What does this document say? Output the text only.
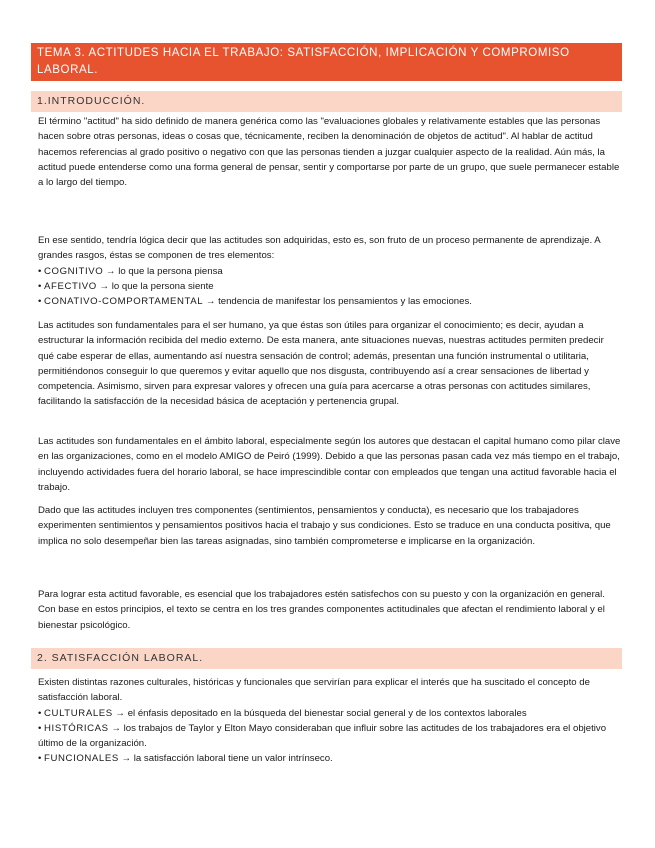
TEMA 3. ACTITUDES HACIA EL TRABAJO: SATISFACCIÓN, IMPLICACIÓN Y COMPROMISO LABORAL.
1.INTRODUCCIÓN.
El término "actitud" ha sido definido de manera genérica como las "evaluaciones globales y relativamente estables que las personas hacen sobre otras personas, ideas o cosas que, técnicamente, reciben la denominación de objetos de actitud". Al hablar de actitud hacemos referencias al grado positivo o negativo con que las personas tienden a juzgar cualquier aspecto de la realidad. Aún más, la actitud puede entenderse como una forma general de pensar, sentir y comportarse por parte de un grupo, que suele permanecer estable a lo largo del tiempo.

En ese sentido, tendría lógica decir que las actitudes son adquiridas, esto es, son fruto de un proceso permanente de aprendizaje. A grandes rasgos, éstas se componen de tres elementos:

• COGNITIVO → lo que la persona piensa

• AFECTIVO → lo que la persona siente

• CONATIVO-COMPORTAMENTAL → tendencia de manifestar los pensamientos y las emociones.

Las actitudes son fundamentales para el ser humano, ya que éstas son útiles para organizar el conocimiento; es decir, ayudan a estructurar la información recibida del medio externo. De esta manera, ante situaciones nuevas, nuestras actitudes permiten predecir qué cabe esperar de ellas, aumentando así nuestra sensación de control; además, presentan una función instrumental o utilitaria, permitiéndonos conseguir lo que queremos y evitar aquello que nos disgusta, contribuyendo así a crear sensaciones de libertad y competencia. Asimismo, sirven para expresar valores y ofrecen una guía para acercarse a otras personas con actitudes similares, facilitando la satisfacción de la necesidad básica de aceptación y pertenencia grupal.
Las actitudes son fundamentales en el ámbito laboral, especialmente según los autores que destacan el capital humano como pilar clave en las organizaciones, como en el modelo AMIGO de Peiró (1999). Debido a que las personas pasan cada vez más tiempo en el trabajo, incluyendo actividades fuera del horario laboral, se hace imprescindible contar con empleados que tengan una actitud favorable hacia el trabajo.
Dado que las actitudes incluyen tres componentes (sentimientos, pensamientos y conducta), es necesario que los trabajadores experimenten sentimientos y pensamientos positivos hacia el trabajo y sus condiciones. Esto se traduce en una conducta positiva, que implica no solo desempeñar bien las tareas asignadas, sino también comprometerse e implicarse en la organización.
Para lograr esta actitud favorable, es esencial que los trabajadores estén satisfechos con su puesto y con la organización en general. Con base en estos principios, el texto se centra en los tres grandes componentes actitudinales que afectan el rendimiento laboral y el bienestar psicológico.
2. SATISFACCIÓN LABORAL.

Existen distintas razones culturales, históricas y funcionales que servirían para explicar el interés que ha suscitado el concepto de satisfacción laboral.

• CULTURALES → el énfasis depositado en la búsqueda del bienestar social general y de los contextos laborales

• HISTÓRICAS → los trabajos de Taylor y Elton Mayo consideraban que influir sobre las actitudes de los trabajadores era el objetivo último de la organización.

• FUNCIONALES → la satisfacción laboral tiene un valor intrínseco.
